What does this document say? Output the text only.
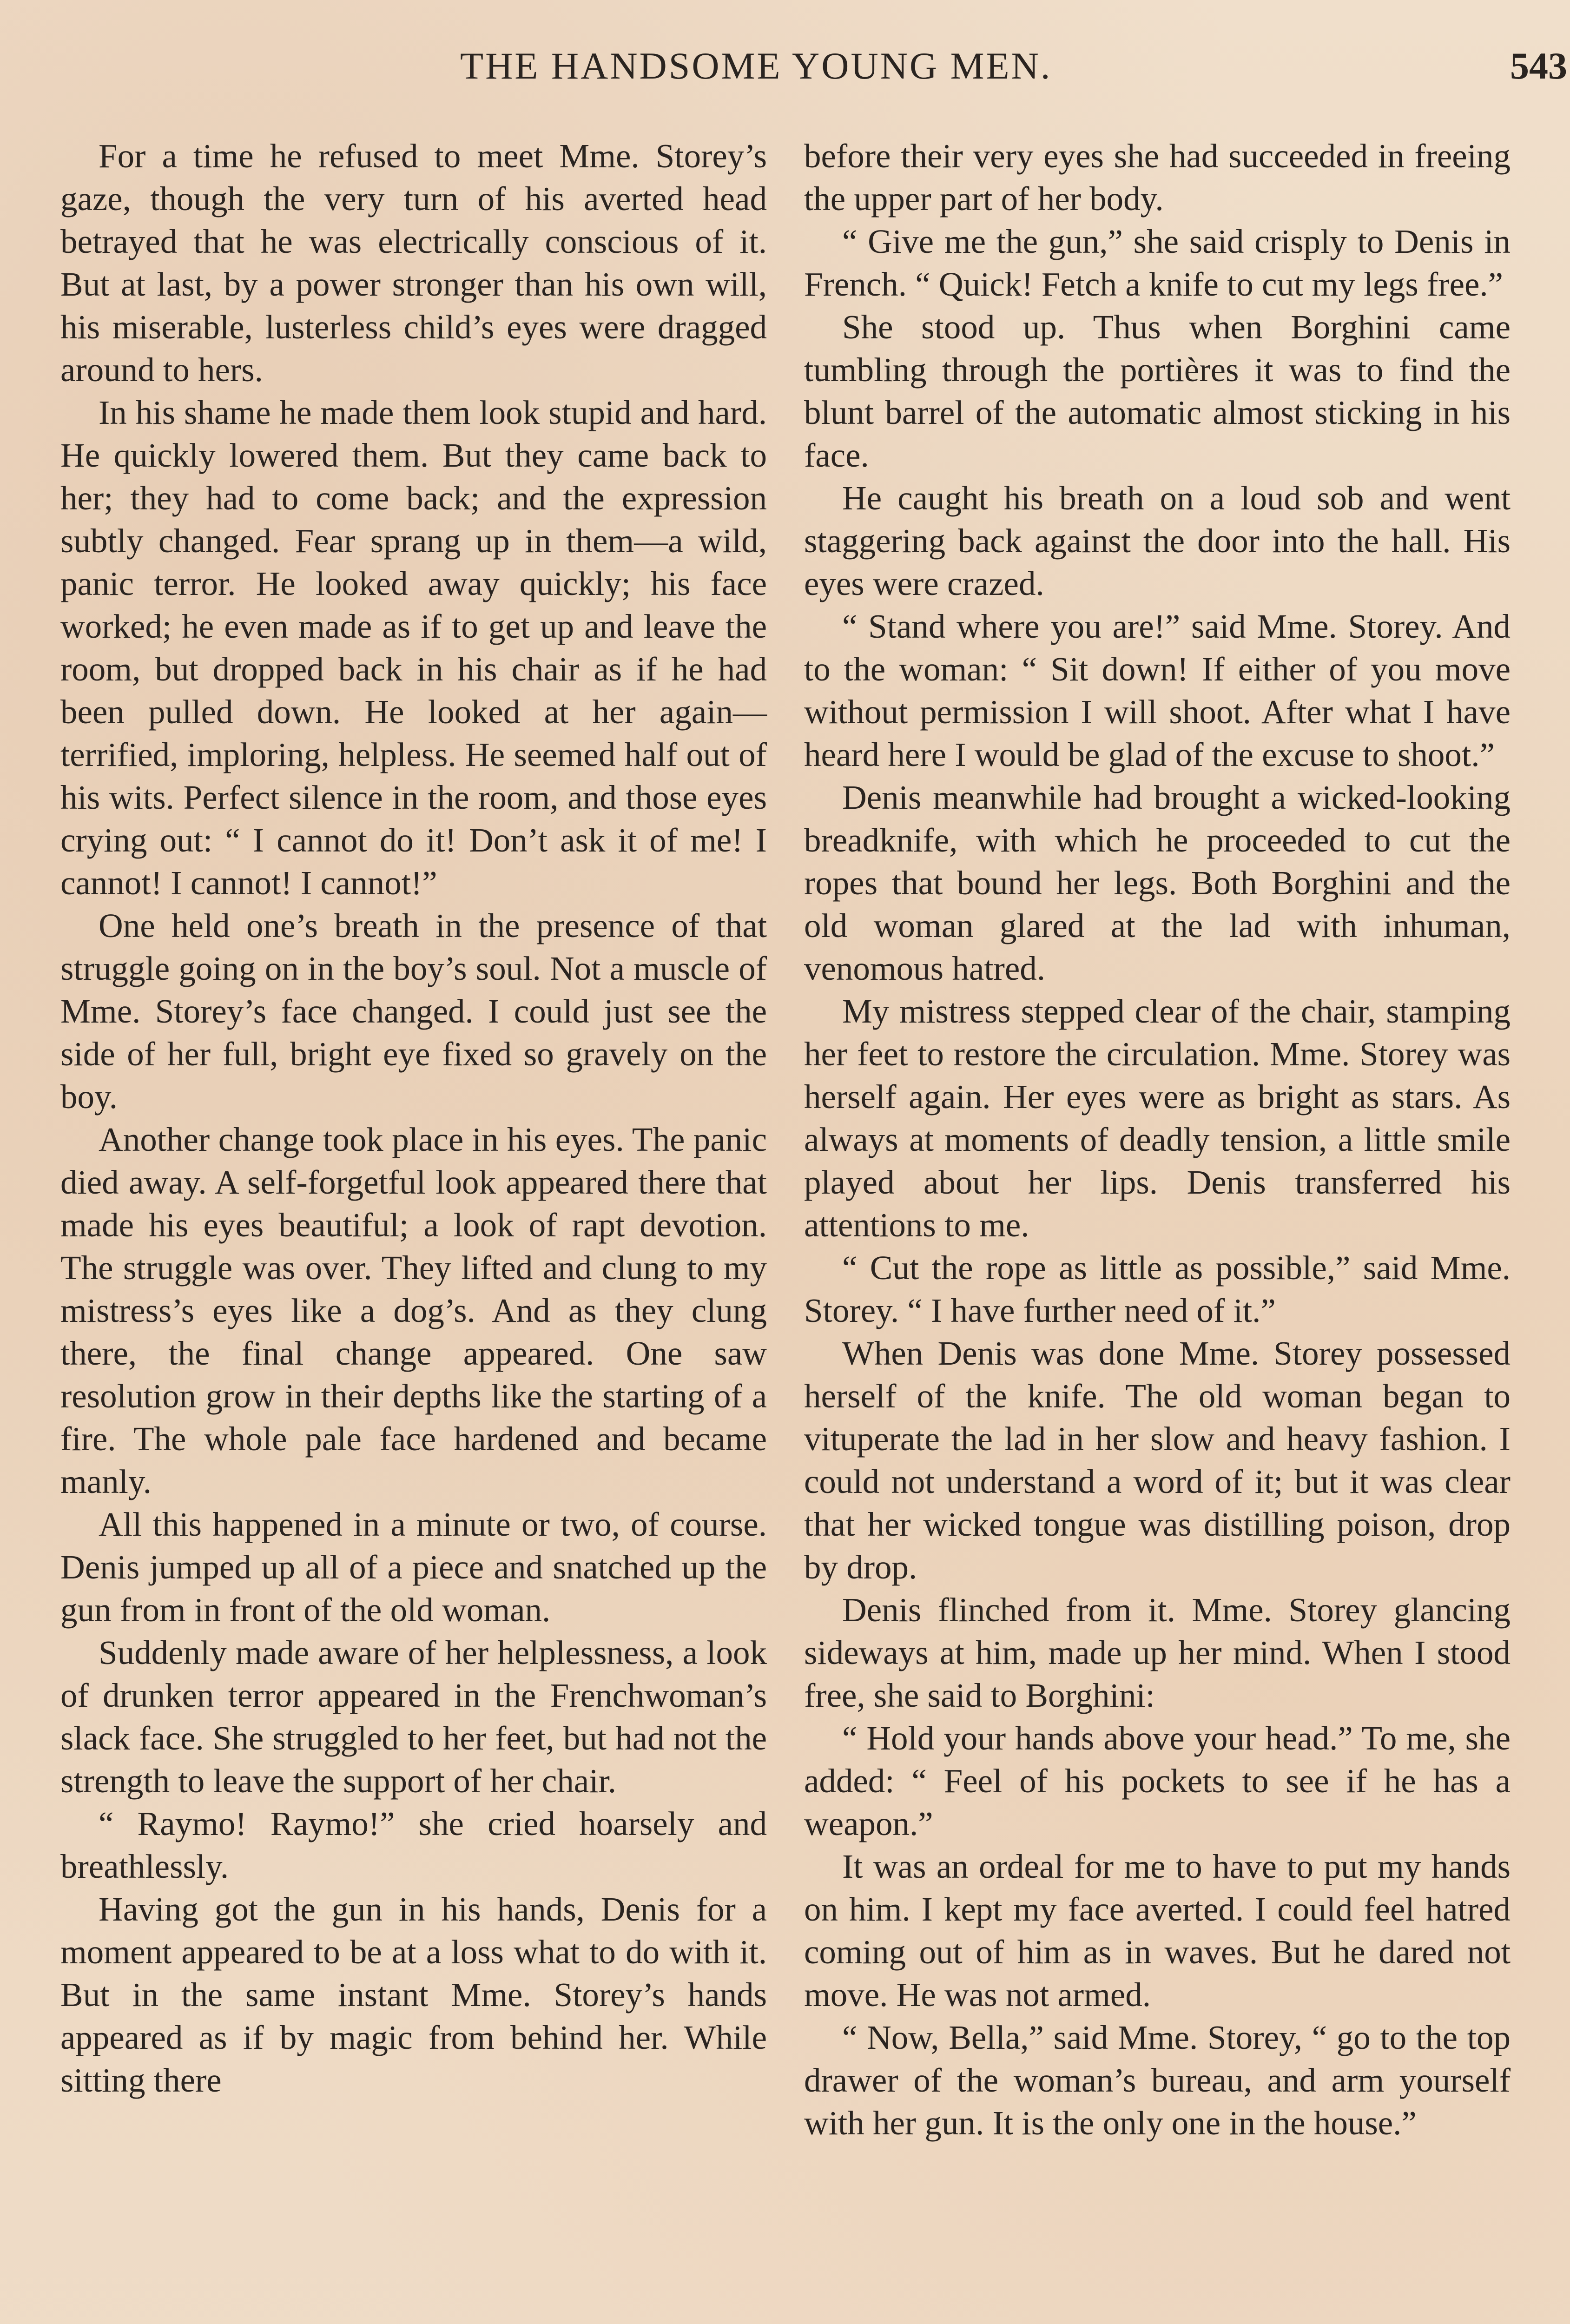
THE HANDSOME YOUNG MEN.	543

For a time he refused to meet Mme. Storey’s gaze, though the very turn of his averted head betrayed that he was electrically conscious of it. But at last, by a power stronger than his own will, his miserable, lusterless child’s eyes were dragged around to hers.

In his shame he made them look stupid and hard. He quickly lowered them. But they came back to her; they had to come back; and the expression subtly changed. Fear sprang up in them—a wild, panic terror. He looked away quickly; his face worked; he even made as if to get up and leave the room, but dropped back in his chair as if he had been pulled down. He looked at her again—terrified, imploring, helpless. He seemed half out of his wits. Perfect silence in the room, and those eyes crying out: “ I cannot do it! Don’t ask it of me! I cannot! I cannot! I cannot!”

One held one’s breath in the presence of that struggle going on in the boy’s soul. Not a muscle of Mme. Storey’s face changed. I could just see the side of her full, bright eye fixed so gravely on the boy.

Another change took place in his eyes. The panic died away. A self-forgetful look appeared there that made his eyes beautiful; a look of rapt devotion. The struggle was over. They lifted and clung to my mistress’s eyes like a dog’s. And as they clung there, the final change appeared. One saw resolution grow in their depths like the starting of a fire. The whole pale face hardened and became manly.

All this happened in a minute or two, of course. Denis jumped up all of a piece and snatched up the gun from in front of the old woman.

Suddenly made aware of her helplessness, a look of drunken terror appeared in the Frenchwoman’s slack face. She struggled to her feet, but had not the strength to leave the support of her chair.

“ Raymo! Raymo!” she cried hoarsely and breathlessly.

Having got the gun in his hands, Denis for a moment appeared to be at a loss what to do with it. But in the same instant Mme. Storey’s hands appeared as if by magic from behind her. While sitting there

before their very eyes she had succeeded in freeing the upper part of her body.

“ Give me the gun,” she said crisply to Denis in French. “ Quick! Fetch a knife to cut my legs free.”

She stood up. Thus when Borghini came tumbling through the portières it was to find the blunt barrel of the automatic almost sticking in his face.

He caught his breath on a loud sob and went staggering back against the door into the hall. His eyes were crazed.

“ Stand where you are!” said Mme. Storey. And to the woman: “ Sit down! If either of you move without permission I will shoot. After what I have heard here I would be glad of the excuse to shoot.”

Denis meanwhile had brought a wicked-looking breadknife, with which he proceeded to cut the ropes that bound her legs. Both Borghini and the old woman glared at the lad with inhuman, venomous hatred.

My mistress stepped clear of the chair, stamping her feet to restore the circulation. Mme. Storey was herself again. Her eyes were as bright as stars. As always at moments of deadly tension, a little smile played about her lips. Denis transferred his attentions to me.

“ Cut the rope as little as possible,” said Mme. Storey. “ I have further need of it.”

When Denis was done Mme. Storey possessed herself of the knife. The old woman began to vituperate the lad in her slow and heavy fashion. I could not understand a word of it; but it was clear that her wicked tongue was distilling poison, drop by drop.

Denis flinched from it. Mme. Storey glancing sideways at him, made up her mind. When I stood free, she said to Borghini:

“ Hold your hands above your head.” To me, she added: “ Feel of his pockets to see if he has a weapon.”

It was an ordeal for me to have to put my hands on him. I kept my face averted. I could feel hatred coming out of him as in waves. But he dared not move. He was not armed.

“ Now, Bella,” said Mme. Storey, “ go to the top drawer of the woman’s bureau, and arm yourself with her gun. It is the only one in the house.”
